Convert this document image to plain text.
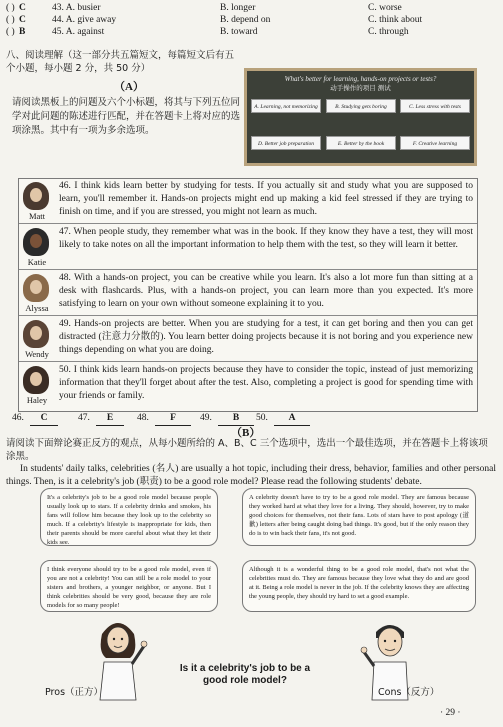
( ) C	43. A. busier	B. longer	C. worse
( ) C	44. A. give away	B. depend on	C. think about
( ) B	45. A. against	B. toward	C. through
八、阅读理解（这一部分共五篇短文，每篇短文后有五个小题，每小题 2 分，共 50 分）
（A）
请阅读黑板上的问题及六个小标题，将其与下列五位同学对此问题的陈述进行匹配，并在答题卡上将对应的选项涂黑。其中有一项为多余选项。
What's better for learning, hands-on projects or tests?
动手操作的项目 测试
A. Learning, not memorizing	B. Studying gets boring	C. Less stress with tests
D. Better job preparation	E. Better by the book	F. Creative learning
Matt
46. I think kids learn better by studying for tests. If you actually sit and study what you are supposed to learn, you'll remember it. Hands-on projects might end up making a kid feel stressed if they are trying to finish on time, and if you are stressed, you might not learn as much.
Katie
47. When people study, they remember what was in the book. If they know they have a test, they will most likely to take notes on all the important information to help them with the test, so they will learn it better.
Alyssa
48. With a hands-on project, you can be creative while you learn. It's also a lot more fun than sitting at a desk with flashcards. Plus, with a hands-on project, you can learn more than you expected. It's more satisfying to learn on your own without someone explaining it to you.
Wendy
49. Hands-on projects are better. When you are studying for a test, it can get boring and then you can get distracted (注意力分散的). You learn better doing projects because it is not boring and you experience new things depending on what you are doing.
Haley
50. I think kids learn hands-on projects because they have to consider the topic, instead of just memorizing information that they'll forget about after the test. Also, completing a project is good for spending time with your friends or family.
46.	C	47.	E	48.	F	49.	B	50.	A
（B）
请阅读下面辩论赛正反方的观点，从每小题所给的 A、B、C 三个选项中，选出一个最佳选项，并在答题卡上将该项涂黑。
In students' daily talks, celebrities (名人) are usually a hot topic, including their dress, behavior, families and other personal things. Then, is it a celebrity's job (职责) to be a good role model? Please read the following students' debate.
It's a celebrity's job to be a good role model because people usually look up to stars. If a celebrity drinks and smokes, his fans will follow him because they look up to the celebrity so much. If a celebrity's lifestyle is inappropriate for kids, then their parents should be more careful about what they let their kids see.
I think everyone should try to be a good role model, even if you are not a celebrity! You can still be a role model to your sisters and brothers, a younger neighbor, or anyone. But I think celebrities should be very good, because they are role models for so many people!
A celebrity doesn't have to try to be a good role model. They are famous because they worked hard at what they love for a living. They should, however, try to make good choices for themselves, not their fans. Lots of stars have to post apology (道歉) letters after being caught doing bad things. It's good, but if the only reason they do is to win back their fans, it's not good.
Although it is a wonderful thing to be a good role model, that's not what the celebrities must do. They are famous because they love what they do and are good at it. Being a role model is never in the job. If the celebrity knows they are affecting the young people, they should try hard to set a good example.
Is it a celebrity's job to be a good role model?
Pros（正方）	Cons（反方）
· 29 ·
